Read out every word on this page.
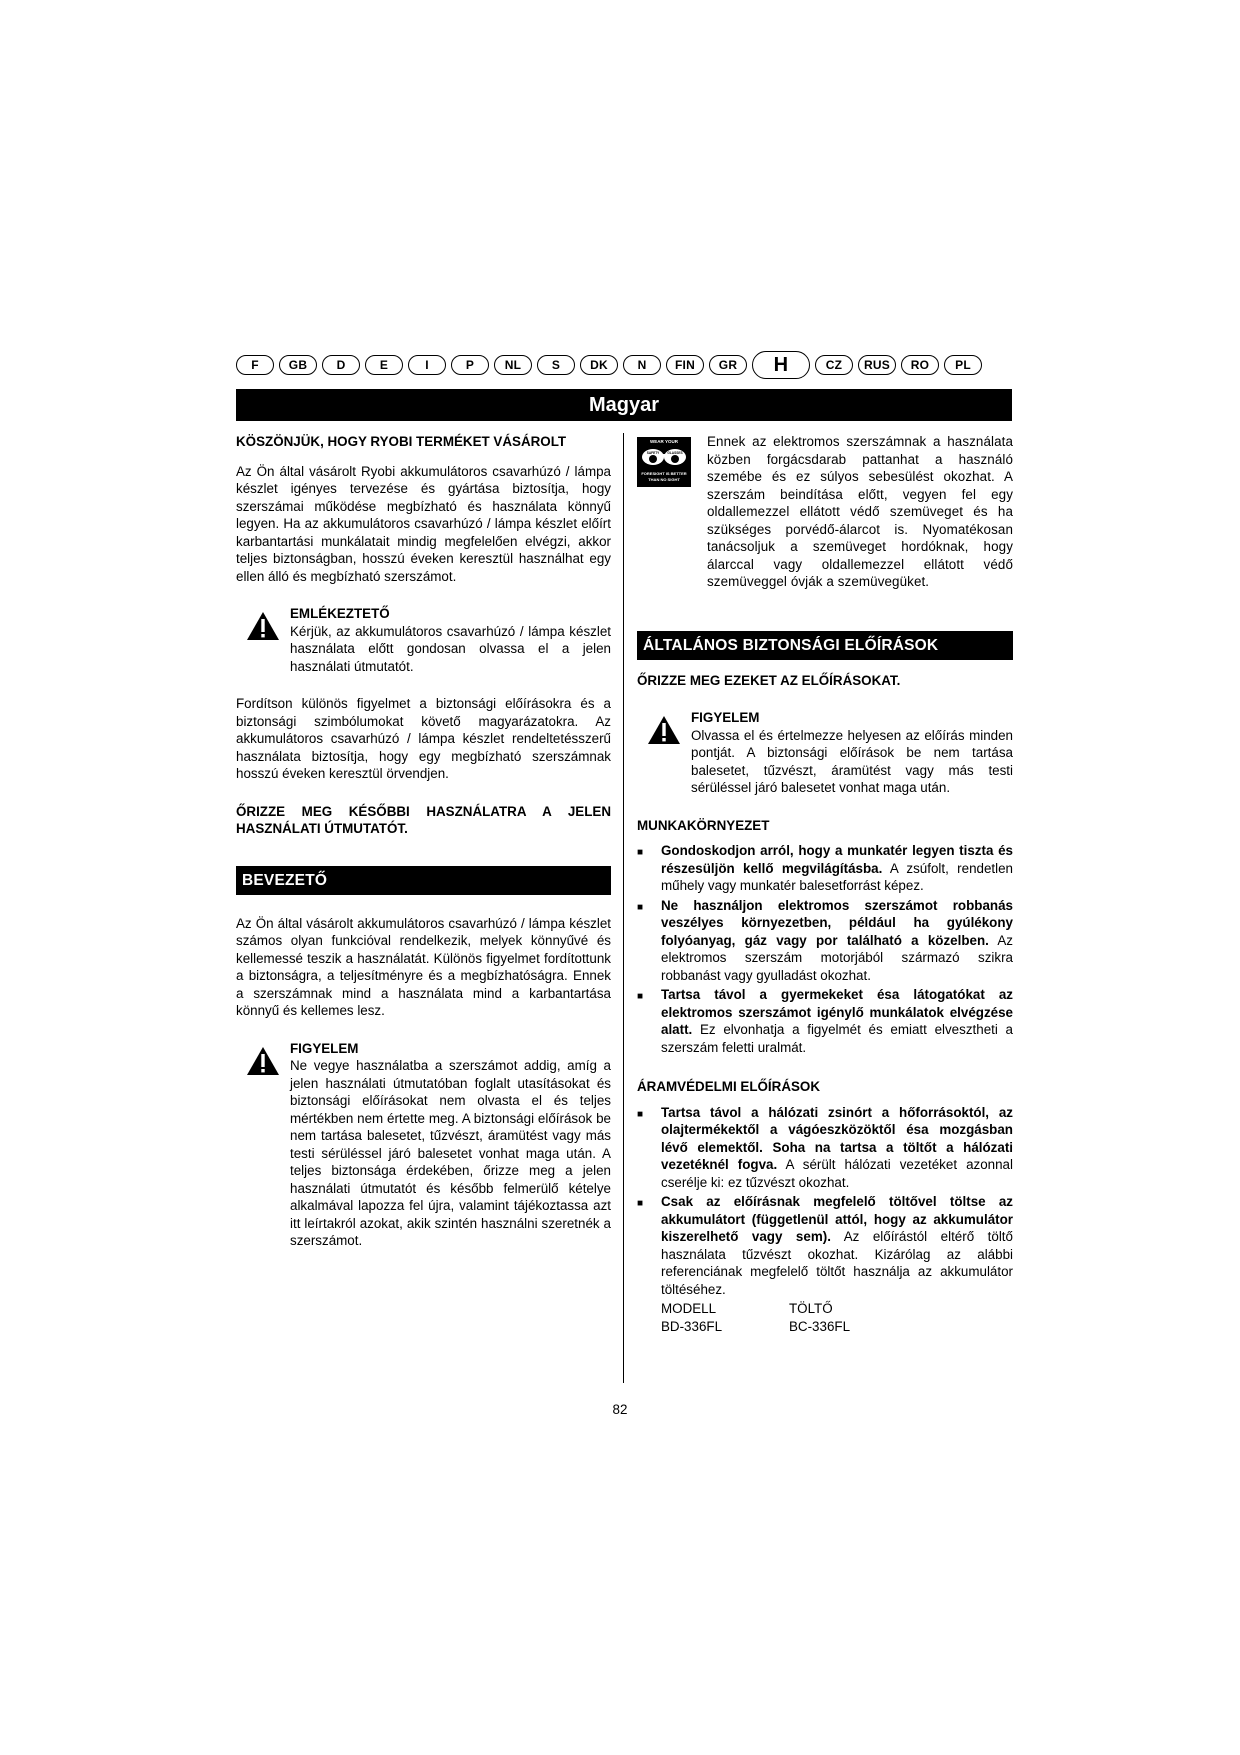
F	GB	D	E	I	P	NL	S	DK	N	FIN	GR	H	CZ	RUS	RO	PL
Magyar
KÖSZÖNJÜK, HOGY RYOBI TERMÉKET VÁSÁROLT

Az Ön által vásárolt Ryobi akkumulátoros csavarhúzó / lámpa készlet igényes tervezése és gyártása biztosítja, hogy szerszámai működése megbízható és használata könnyű legyen. Ha az akkumulátoros csavarhúzó / lámpa készlet előírt karbantartási munkálatait mindig megfelelően elvégzi, akkor teljes biztonságban, hosszú éveken keresztül használhat egy ellen álló és megbízható szerszámot.

EMLÉKEZTETŐ

Kérjük, az akkumulátoros csavarhúzó / lámpa készlet használata előtt gondosan olvassa el a jelen használati útmutatót.

Fordítson különös figyelmet a biztonsági előírásokra és a biztonsági szimbólumokat követő magyarázatokra. Az akkumulátoros csavarhúzó / lámpa készlet rendeltetésszerű használata biztosítja, hogy egy megbízható szerszámnak hosszú éveken keresztül örvendjen.

ŐRIZZE MEG KÉSŐBBI HASZNÁLATRA A JELEN HASZNÁLATI ÚTMUTATÓT.
BEVEZETŐ

Az Ön által vásárolt akkumulátoros csavarhúzó / lámpa készlet számos olyan funkcióval rendelkezik, melyek könnyűvé és kellemessé teszik a használatát. Különös figyelmet fordítottunk a biztonságra, a teljesítményre és a megbízhatóságra. Ennek a szerszámnak mind a használata mind a karbantartása könnyű és kellemes lesz.

FIGYELEM

Ne vegye használatba a szerszámot addig, amíg a jelen használati útmutatóban foglalt utasításokat és biztonsági előírásokat nem olvasta el és teljes mértékben nem értette meg. A biztonsági előírások be nem tartása balesetet, tűzvészt, áramütést vagy más testi sérüléssel járó balesetet vonhat maga után. A teljes biztonsága érdekében, őrizze meg a jelen használati útmutatót és később felmerülő kételye alkalmával lapozza fel újra, valamint tájékoztassa azt itt leírtakról azokat, akik szintén használni szeretnék a szerszámot.

WEAR YOUR
SAFETY	GLASSES
FORESIGHT IS BETTER
THAN NO SIGHT

Ennek az elektromos szerszámnak a használata közben forgácsdarab pattanhat a használó szemébe és ez súlyos sebesülést okozhat. A szerszám beindítása előtt, vegyen fel egy oldallemezzel ellátott védő szemüveget és ha szükséges porvédő-álarcot is. Nyomatékosan tanácsoljuk a szemüveget hordóknak, hogy álarccal vagy oldallemezzel ellátott védő szemüveggel óvják a szemüvegüket.

ÁLTALÁNOS BIZTONSÁGI ELŐÍRÁSOK
ŐRIZZE MEG EZEKET AZ ELŐÍRÁSOKAT.
FIGYELEM

Olvassa el és értelmezze helyesen az előírás minden pontját. A biztonsági előírások be nem tartása balesetet, tűzvészt, áramütést vagy más testi sérüléssel járó balesetet vonhat maga után.

MUNKAKÖRNYEZET
■	Gondoskodjon arról, hogy a munkatér legyen tiszta és részesüljön kellő megvilágításba. A zsúfolt, rendetlen műhely vagy munkatér balesetforrást képez.
■	Ne használjon elektromos szerszámot robbanás veszélyes környezetben, például ha gyúlékony folyóanyag, gáz vagy por található a közelben. Az elektromos szerszám motorjából származó szikra robbanást vagy gyulladást okozhat.
■	Tartsa távol a gyermekeket ésa látogatókat az elektromos szerszámot igénylő munkálatok elvégzése alatt. Ez elvonhatja a figyelmét és emiatt elvesztheti a szerszám feletti uralmát.
ÁRAMVÉDELMI ELŐÍRÁSOK
■	Tartsa távol a hálózati zsinórt a hőforrásoktól, az olajtermékektől a vágóeszközöktől ésa mozgásban lévő elemektől. Soha na tartsa a töltőt a hálózati vezetéknél fogva. A sérült hálózati vezetéket azonnal cserélje ki: ez tűzvészt okozhat.
■	Csak az előírásnak megfelelő töltővel töltse az akkumulátort (függetlenül attól, hogy az akkumulátor kiszerelhető vagy sem). Az előírástól eltérő töltő használata tűzvészt okozhat. Kizárólag az alábbi referenciának megfelelő töltőt használja az akkumulátor töltéséhez.
MODELL	TÖLTŐ
BD-336FL	BC-336FL
82
